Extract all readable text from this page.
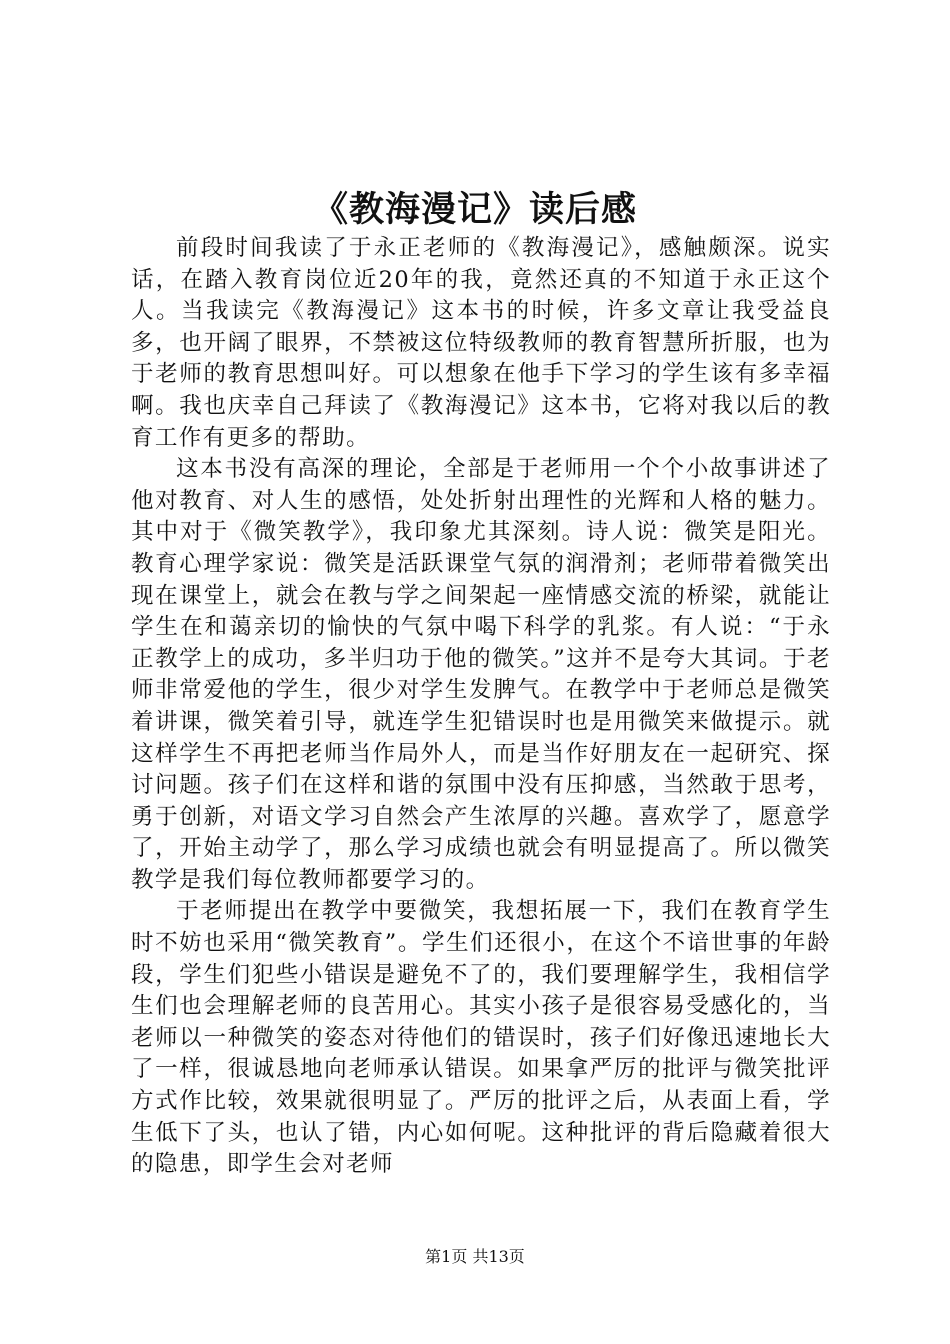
《教海漫记》读后感

前段时间我读了于永正老师的《教海漫记》，感触颇深。说实话，在踏入教育岗位近20年的我，竟然还真的不知道于永正这个人。当我读完《教海漫记》这本书的时候，许多文章让我受益良多，也开阔了眼界，不禁被这位特级教师的教育智慧所折服，也为于老师的教育思想叫好。可以想象在他手下学习的学生该有多幸福啊。我也庆幸自己拜读了《教海漫记》这本书，它将对我以后的教育工作有更多的帮助。

这本书没有高深的理论，全部是于老师用一个个小故事讲述了他对教育、对人生的感悟，处处折射出理性的光辉和人格的魅力。其中对于《微笑教学》，我印象尤其深刻。诗人说：微笑是阳光。教育心理学家说：微笑是活跃课堂气氛的润滑剂；老师带着微笑出现在课堂上，就会在教与学之间架起一座情感交流的桥梁，就能让学生在和蔼亲切的愉快的气氛中喝下科学的乳浆。有人说：“于永正教学上的成功，多半归功于他的微笑。”这并不是夸大其词。于老师非常爱他的学生，很少对学生发脾气。在教学中于老师总是微笑着讲课，微笑着引导，就连学生犯错误时也是用微笑来做提示。就这样学生不再把老师当作局外人，而是当作好朋友在一起研究、探讨问题。孩子们在这样和谐的氛围中没有压抑感，当然敢于思考，勇于创新，对语文学习自然会产生浓厚的兴趣。喜欢学了，愿意学了，开始主动学了，那么学习成绩也就会有明显提高了。所以微笑教学是我们每位教师都要学习的。

于老师提出在教学中要微笑，我想拓展一下，我们在教育学生时不妨也采用“微笑教育”。学生们还很小，在这个不谙世事的年龄段，学生们犯些小错误是避免不了的，我们要理解学生，我相信学生们也会理解老师的良苦用心。其实小孩子是很容易受感化的，当老师以一种微笑的姿态对待他们的错误时，孩子们好像迅速地长大了一样，很诚恳地向老师承认错误。如果拿严厉的批评与微笑批评方式作比较，效果就很明显了。严厉的批评之后，从表面上看，学生低下了头，也认了错，内心如何呢。这种批评的背后隐藏着很大的隐患，即学生会对老师

第1页 共13页
